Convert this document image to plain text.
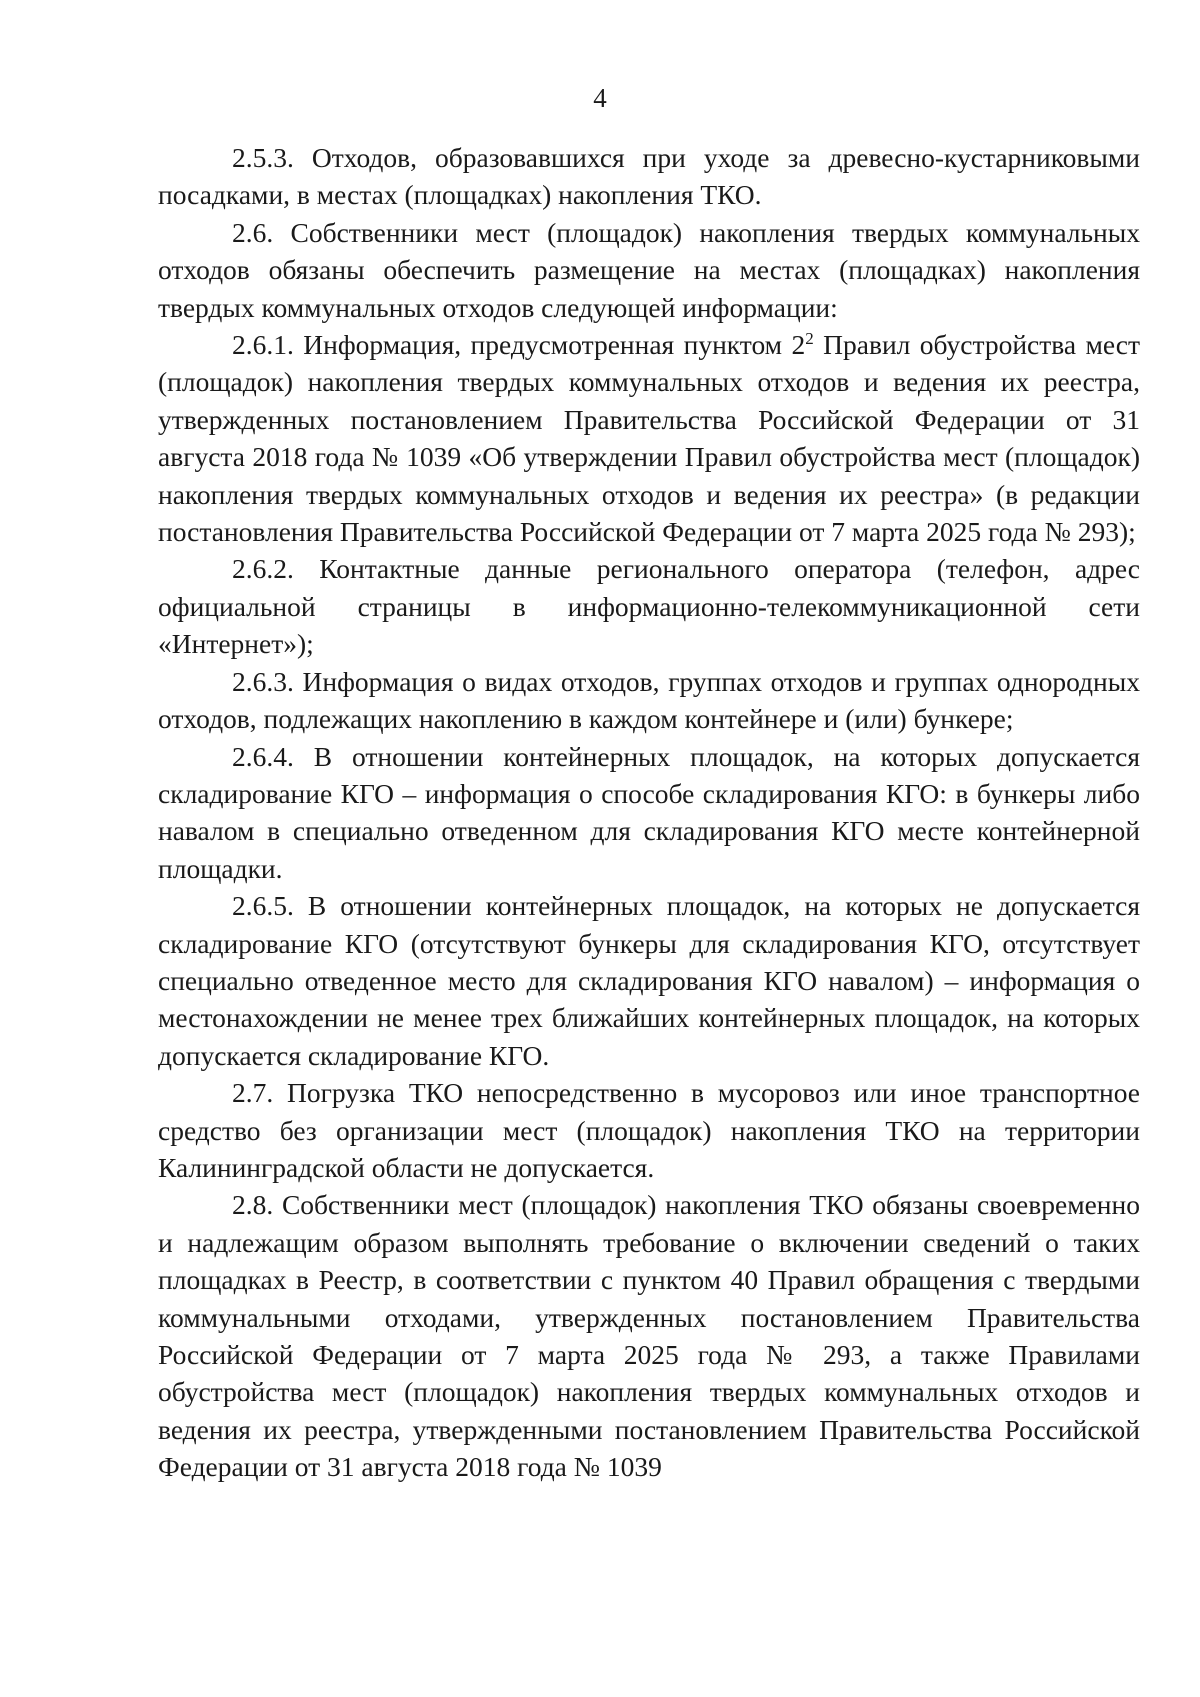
4

2.5.3. Отходов, образовавшихся при уходе за древесно-кустарниковыми посадками, в местах (площадках) накопления ТКО.

2.6. Собственники мест (площадок) накопления твердых коммунальных отходов обязаны обеспечить размещение на местах (площадках) накопления твердых коммунальных отходов следующей информации:

2.6.1. Информация, предусмотренная пунктом $2^2$ Правил обустройства мест (площадок) накопления твердых коммунальных отходов и ведения их реестра, утвержденных постановлением Правительства Российской Федерации от 31 августа 2018 года № 1039 «Об утверждении Правил обустройства мест (площадок) накопления твердых коммунальных отходов и ведения их реестра» (в редакции постановления Правительства Российской Федерации от 7 марта 2025 года № 293);

2.6.2. Контактные данные регионального оператора (телефон, адрес официальной страницы в информационно-телекоммуникационной сети «Интернет»);

2.6.3. Информация о видах отходов, группах отходов и группах однородных отходов, подлежащих накоплению в каждом контейнере и (или) бункере;

2.6.4. В отношении контейнерных площадок, на которых допускается складирование КГО – информация о способе складирования КГО: в бункеры либо навалом в специально отведенном для складирования КГО месте контейнерной площадки.

2.6.5. В отношении контейнерных площадок, на которых не допускается складирование КГО (отсутствуют бункеры для складирования КГО, отсутствует специально отведенное место для складирования КГО навалом) – информация о местонахождении не менее трех ближайших контейнерных площадок, на которых допускается складирование КГО.

2.7. Погрузка ТКО непосредственно в мусоровоз или иное транспортное средство без организации мест (площадок) накопления ТКО на территории Калининградской области не допускается.

2.8. Собственники мест (площадок) накопления ТКО обязаны своевременно и надлежащим образом выполнять требование о включении сведений о таких площадках в Реестр, в соответствии с пунктом 40 Правил обращения с твердыми коммунальными отходами, утвержденных постановлением Правительства Российской Федерации от 7 марта 2025 года № 293, а также Правилами обустройства мест (площадок) накопления твердых коммунальных отходов и ведения их реестра, утвержденными постановлением Правительства Российской Федерации от 31 августа 2018 года № 1039
